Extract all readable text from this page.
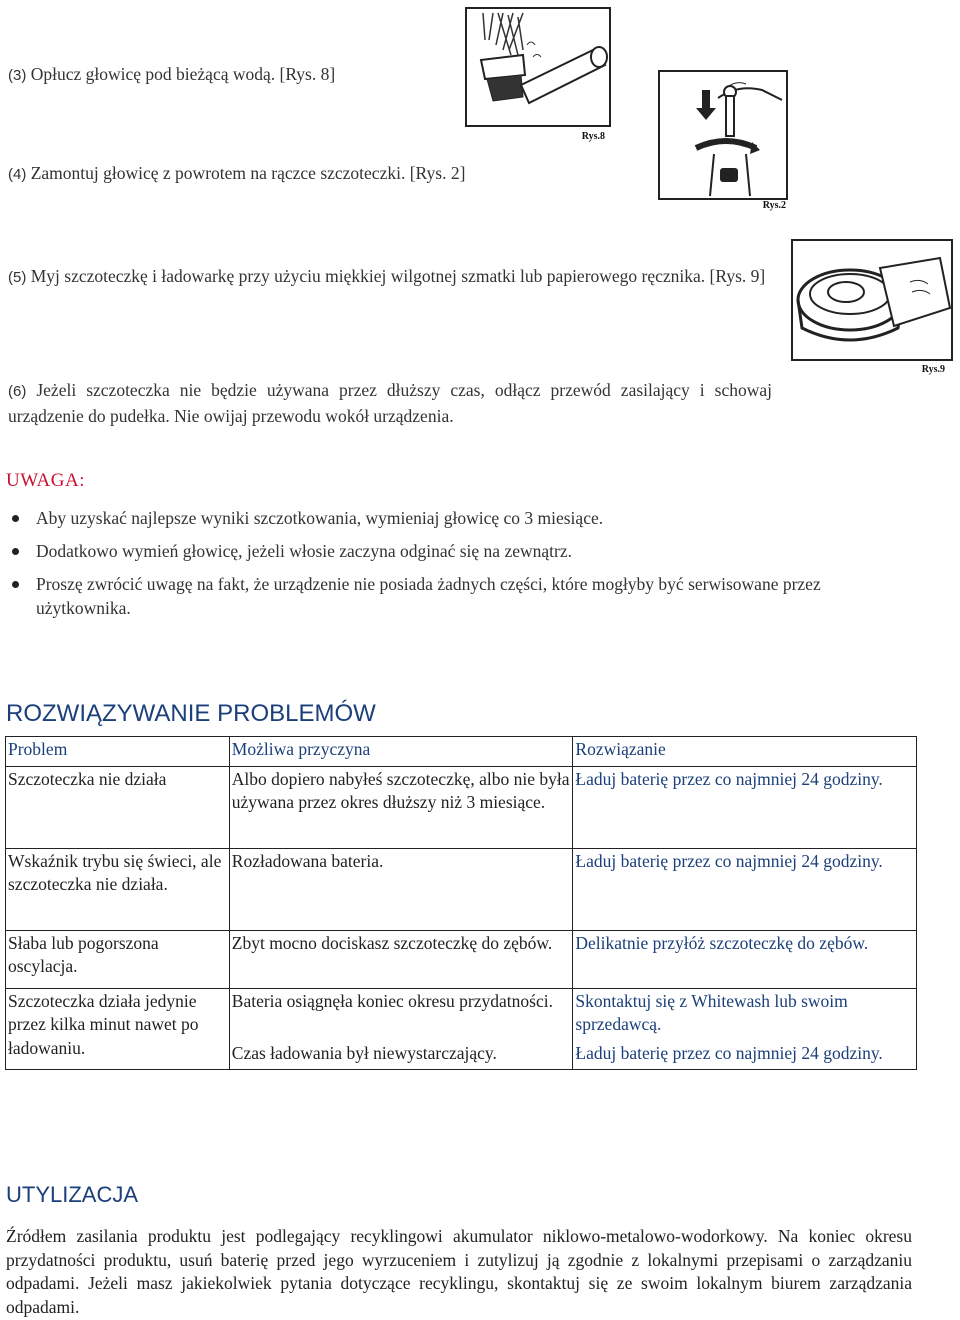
(3) Opłucz głowicę pod bieżącą wodą. [Rys. 8]
(4) Zamontuj głowicę z powrotem na rączce szczoteczki. [Rys. 2]
(5) Myj szczoteczkę i ładowarkę przy użyciu miękkiej wilgotnej szmatki lub papierowego ręcznika. [Rys. 9]
(6) Jeżeli szczoteczka nie będzie używana przez dłuższy czas, odłącz przewód zasilający i schowaj urządzenie do pudełka. Nie owijaj przewodu wokół urządzenia.
Rys.8
Rys.2
Rys.9
UWAGA:
Aby uzyskać najlepsze wyniki szczotkowania, wymieniaj głowicę co 3 miesiące.
Dodatkowo wymień głowicę, jeżeli włosie zaczyna odginać się na zewnątrz.
Proszę zwrócić uwagę na fakt, że urządzenie nie posiada żadnych części, które mogłyby być serwisowane przez użytkownika.
ROZWIĄZYWANIE PROBLEMÓW
Problem	Możliwa przyczyna	Rozwiązanie
Szczoteczka nie działa	Albo dopiero nabyłeś szczoteczkę, albo nie była używana przez okres dłuższy niż 3 miesiące.	Ładuj baterię przez co najmniej 24 godziny.
Wskaźnik trybu się świeci, ale szczoteczka nie działa.	Rozładowana bateria.	Ładuj baterię przez co najmniej 24 godziny.
Słaba lub pogorszona oscylacja.	Zbyt mocno dociskasz szczoteczkę do zębów.	Delikatnie przyłóż szczoteczkę do zębów.
Szczoteczka działa jedynie przez kilka minut nawet po ładowaniu.	Bateria osiągnęła koniec okresu przydatności.	Skontaktuj się z Whitewash lub swoim sprzedawcą.
	Czas ładowania był niewystarczający.	Ładuj baterię przez co najmniej 24 godziny.
UTYLIZACJA
Źródłem zasilania produktu jest podlegający recyklingowi akumulator niklowo-metalowo-wodorkowy. Na koniec okresu przydatności produktu, usuń baterię przed jego wyrzuceniem i zutylizuj ją zgodnie z lokalnymi przepisami o zarządzaniu odpadami. Jeżeli masz jakiekolwiek pytania dotyczące recyklingu, skontaktuj się ze swoim lokalnym biurem zarządzania odpadami.
